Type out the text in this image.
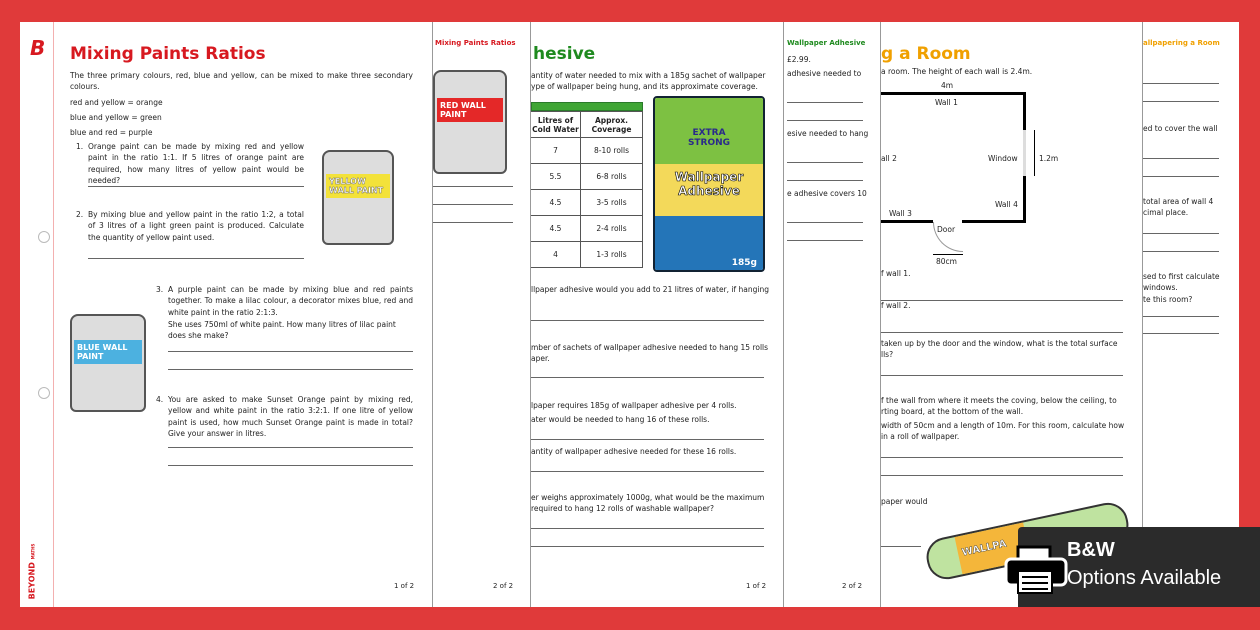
B
BEYOND MATHS
Mixing Paints Ratios
The three primary colours, red, blue and yellow, can be mixed to make three secondary colours.
red and yellow = orange
blue and yellow = green
blue and red = purple
1. Orange paint can be made by mixing red and yellow paint in the ratio 1:1. If 5 litres of orange paint are required, how many litres of yellow paint would be needed?
2. By mixing blue and yellow paint in the ratio 1:2, a total of 3 litres of a light green paint is produced. Calculate the quantity of yellow paint used.
YELLOW WALL PAINT
3. A purple paint can be made by mixing blue and red paints together. To make a lilac colour, a decorator mixes blue, red and white paint in the ratio 2:1:3.
She uses 750ml of white paint. How many litres of lilac paint does she make?
BLUE WALL PAINT
4. You are asked to make Sunset Orange paint by mixing red, yellow and white paint in the ratio 3:2:1. If one litre of yellow paint is used, how much Sunset Orange paint is made in total? Give your answer in litres.
1 of 2
Mixing Paints Ratios
RED WALL PAINT
2 of 2
hesive
antity of water needed to mix with a 185g sachet of wallpaper ype of wallpaper being hung, and its approximate coverage.
Litres of Cold Water	Approx. Coverage
7	8-10 rolls
5.5	6-8 rolls
4.5	3-5 rolls
4.5	2-4 rolls
4	1-3 rolls
EXTRA STRONG
Wallpaper Adhesive
185g
llpaper adhesive would you add to 21 litres of water, if hanging
mber of sachets of wallpaper adhesive needed to hang 15 rolls aper.
lpaper requires 185g of wallpaper adhesive per 4 rolls.
ater would be needed to hang 16 of these rolls.
antity of wallpaper adhesive needed for these 16 rolls.
er weighs approximately 1000g, what would be the maximum required to hang 12 rolls of washable wallpaper?
1 of 2
Wallpaper Adhesive
£2.99.
adhesive needed to
esive needed to hang
e adhesive covers 10
2 of 2
g a Room
a room. The height of each wall is 2.4m.
4m
Wall 1
all 2	Window	1.2m
Wall 4
Wall 3
Door
80cm
f wall 1.
f wall 2.
taken up by the door and the window, what is the total surface lls?
f the wall from where it meets the coving, below the ceiling, to rting board, at the bottom of the wall.
width of 50cm and a length of 10m. For this room, calculate how in a roll of wallpaper.
paper would
WALLPA
allpapering a Room
ed to cover the wall
total area of wall 4 cimal place.
sed to first calculate windows.
te this room?
B&W
Options Available
